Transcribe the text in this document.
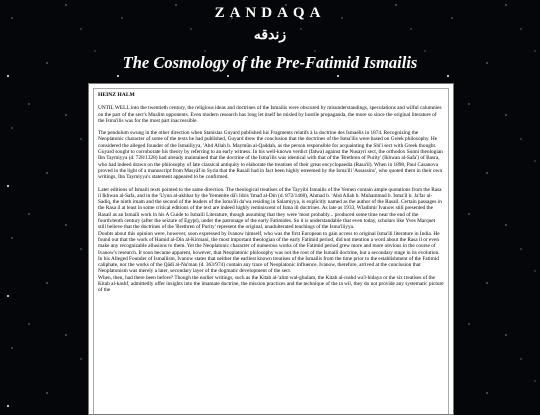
ZANDAQA
زندقه
The Cosmology of the Pre-Fatimid Ismailis

HEINZ HALM

UNTIL WELL into the twentieth century, the religious ideas and doctrines of the Ismailis were obscured by misunderstandings, speculations and wilful calumnies on the part of the sect's Muslim opponents. Even modern research has long let itself be misled by hostile propaganda, the more so since the original literature of the Isma'ilis was for the most part inaccessible.

The pendulum swung in the other direction when Stanislas Guyard published his Fragments relatifs à la doctrine des Ismaélis in 1874. Recognizing the Neoplatonic character of some of the texts he had published, Guyard drew the conclusion that the doctrines of the Isma'ilis were based on Greek philosophy. He considered the alleged founder of the Ismailiyya, 'Abd Allah b. Maymūn al-Qaddah, as the person responsible for acquainting the Shi'i sect with Greek thought. Guyard sought to corroborate his theory by referring to an early witness. In his well-known verdict (fatwa) against the Nusayri sect, the orthodox Sunni theologian Ibn Taymiyya (d. 728/1328) had already maintained that the doctrine of the Isma'ilis was identical with that of the 'Brethren of Purity' (Ikhwan al-Safa') of Basra, who had indeed drawn on the philosophy of late classical antiquity to elaborate the treatises of their great encyclopaedia (Rasa'il). When in 1898, Paul Casanova proved in the light of a manuscript from Masyāf in Syria that the Rasail had in fact been highly esteemed by the Isma'ili 'Assassins', who quoted them in their own writings, Ibn Taymiyya's statement appeared to be confirmed.

Later editions of Ismaili texts pointed to the same direction. The theological treatises of the Tayyibi Ismailis of the Yemen contain ample quotations from the Rasa il Ikhwan al-Safa, and in the 'Uyun al-akhbar by the Yemenite dā'i Idris 'Imad al-Din (d. 872/1468), Ahmad b. 'Abd Allah b. Muhammad b. Isma'il b. Ja'far al-Sadiq, the ninth imam and the second of the leaders of the Isma'ili da'wa residing in Salamiyya, is explicitly named as the author of the Rasail. Certain passages in the Rasa il at least in some critical editions of the text are indeed highly reminiscent of Isma ili doctrines. As late as 1933, Wladimir Ivanow still presented the Rasail as an Ismaili work in his A Guide to Ismaili Literature, though assuming that they were 'most probably... produced some time near the end of the fourth/tenth century (after the seizure of Egypt), under the patronage of the early Fatimides. So it is understandable that even today, scholars like Yves Marquet still believe that the doctrines of the 'Brethren of Purity' represent the original, unadulterated teachings of the Isma'iliyya.

Doubts about this opinion were, however, soon expressed by Ivanow himself, who was the first European to gain access to original Isma'ili literature in India. He found out that the work of Hamid al-Din al-Kirmani, the most important theologian of the early Fatimid period, did not mention a word about the Rasa il or even make any recognizable allusions to them. Yet the Neoplatonic character of numerous works of the Fatimid period grew more and more obvious in the course of Ivanow's research. It soon became apparent, however, that Neoplatonic philosophy was not the root of the Ismaili doctrine, but a secondary stage in its evolution. In his Alleged Founder of Ismailism, Ivanow states that neither the earliest known treatises of the Ismailis from the time prior to the establishment of the Fatimid caliphate, nor the works of the Qādī al-Nu'man (d. 363/974) contain any trace of Neoplatonic influence. Ivanow, therefore, arrived at the conclusion that Neoplatonism was merely a later, secondary layer of the dogmatic development of the sect.

When, then, had there been before? Though the earlier writings, such as the Kitab al-'alim wal-ghulam, the Kitab al-rushd wa'l-hidaya or the six treatises of the Kitab al-kashf, admittedly offer insights into the imamate doctrine, the mission practices and the technique of the ta wil, they do not provide any systematic picture of the
